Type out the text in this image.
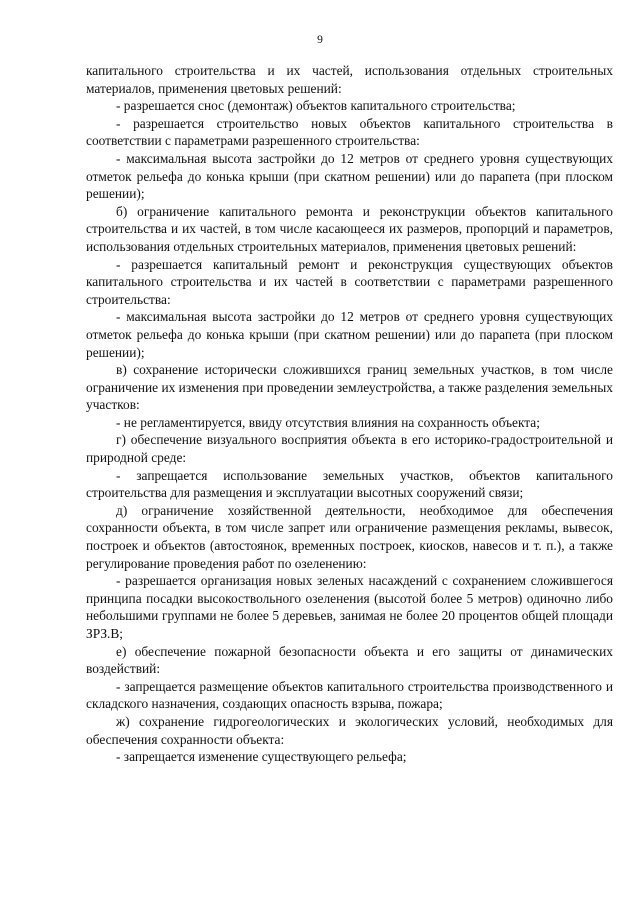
9

капитального строительства и их частей, использования отдельных строительных материалов, применения цветовых решений:

- разрешается снос (демонтаж) объектов капитального строительства;

- разрешается строительство новых объектов капитального строительства в соответствии с параметрами разрешенного строительства:

- максимальная высота застройки до 12 метров от среднего уровня существующих отметок рельефа до конька крыши (при скатном решении) или до парапета (при плоском решении);

б) ограничение капитального ремонта и реконструкции объектов капитального строительства и их частей, в том числе касающееся их размеров, пропорций и параметров, использования отдельных строительных материалов, применения цветовых решений:

- разрешается капитальный ремонт и реконструкция существующих объектов капитального строительства и их частей в соответствии с параметрами разрешенного строительства:

- максимальная высота застройки до 12 метров от среднего уровня существующих отметок рельефа до конька крыши (при скатном решении) или до парапета (при плоском решении);

в) сохранение исторически сложившихся границ земельных участков, в том числе ограничение их изменения при проведении землеустройства, а также разделения земельных участков:

- не регламентируется, ввиду отсутствия влияния на сохранность объекта;

г) обеспечение визуального восприятия объекта в его историко-градостроительной и природной среде:

- запрещается использование земельных участков, объектов капитального строительства для размещения и эксплуатации высотных сооружений связи;

д) ограничение хозяйственной деятельности, необходимое для обеспечения сохранности объекта, в том числе запрет или ограничение размещения рекламы, вывесок, построек и объектов (автостоянок, временных построек, киосков, навесов и т. п.), а также регулирование проведения работ по озеленению:

- разрешается организация новых зеленых насаждений с сохранением сложившегося принципа посадки высокоствольного озеленения (высотой более 5 метров) одиночно либо небольшими группами не более 5 деревьев, занимая не более 20 процентов общей площади ЗРЗ.В;

е) обеспечение пожарной безопасности объекта и его защиты от динамических воздействий:

- запрещается размещение объектов капитального строительства производственного и складского назначения, создающих опасность взрыва, пожара;

ж) сохранение гидрогеологических и экологических условий, необходимых для обеспечения сохранности объекта:

- запрещается изменение существующего рельефа;
